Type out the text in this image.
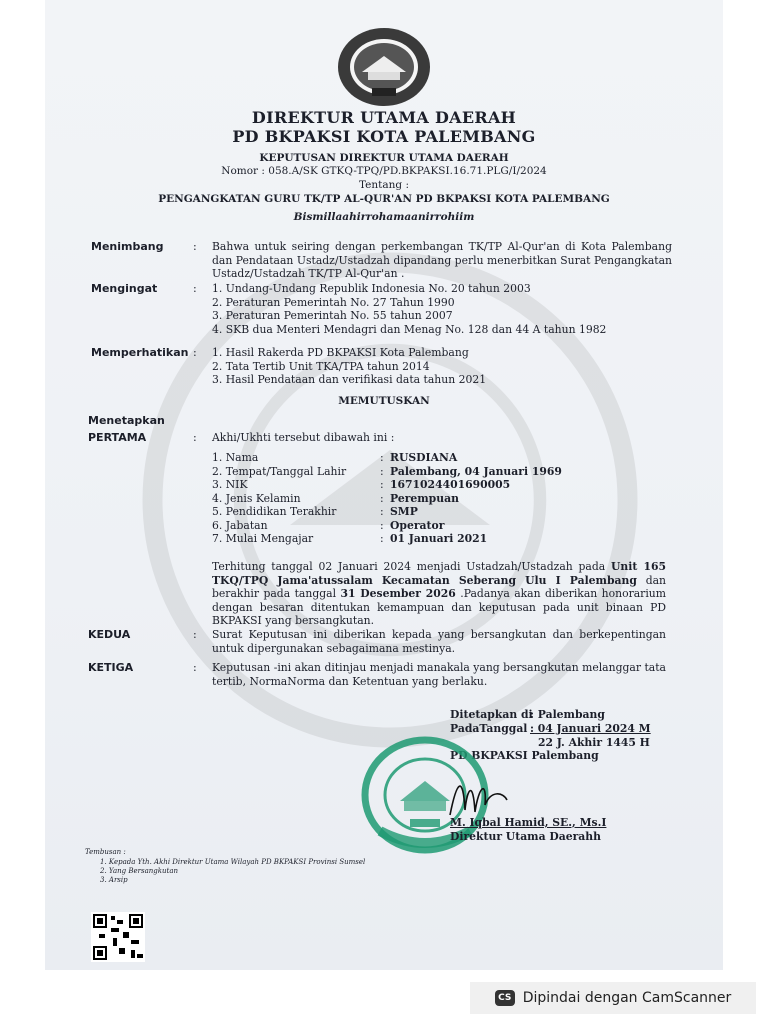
DIREKTUR UTAMA DAERAH
PD BKPAKSI KOTA PALEMBANG
KEPUTUSAN DIREKTUR UTAMA DAERAH
Nomor : 058.A/SK GTKQ-TPQ/PD.BKPAKSI.16.71.PLG/I/2024
Tentang :
PENGANGKATAN GURU TK/TP AL-QUR'AN PD BKPAKSI KOTA PALEMBANG
Bismillaahirrohamaanirrohiim
Menimbang	: Bahwa untuk seiring dengan perkembangan TK/TP Al-Qur'an di Kota Palembang dan Pendataan Ustadz/Ustadzah dipandang perlu menerbitkan Surat Pengangkatan Ustadz/Ustadzah TK/TP Al-Qur'an .
Mengingat	: 1. Undang-Undang Republik Indonesia No. 20 tahun 2003
2. Peraturan Pemerintah No. 27 Tahun 1990
3. Peraturan Pemerintah No. 55 tahun 2007
4. SKB dua Menteri Mendagri dan Menag No. 128 dan 44 A tahun 1982
Memperhatikan : 1. Hasil Rakerda PD BKPAKSI Kota Palembang
2. Tata Tertib Unit TKA/TPA tahun 2014
3. Hasil Pendataan dan verifikasi data tahun 2021
MEMUTUSKAN
Menetapkan
PERTAMA	: Akhi/Ukhti tersebut dibawah ini :
1. Nama	: RUSDIANA
2. Tempat/Tanggal Lahir	: Palembang, 04 Januari 1969
3. NIK	: 1671024401690005
4. Jenis Kelamin	: Perempuan
5. Pendidikan Terakhir	: SMP
6. Jabatan	: Operator
7. Mulai Mengajar	: 01 Januari 2021
Terhitung tanggal 02 Januari 2024 menjadi Ustadzah/Ustadzah pada Unit 165 TKQ/TPQ Jama'atussalam Kecamatan Seberang Ulu I Palembang dan berakhir pada tanggal 31 Desember 2026 .Padanya akan diberikan honorarium dengan besaran ditentukan kemampuan dan keputusan pada unit binaan PD BKPAKSI yang bersangkutan.
KEDUA	: Surat Keputusan ini diberikan kepada yang bersangkutan dan berkepentingan untuk dipergunakan sebagaimana mestinya.
KETIGA	: Keputusan -ini akan ditinjau menjadi manakala yang bersangkutan melanggar tata tertib, NormaNorma dan Ketentuan yang berlaku.
Ditetapkan di
: Palembang
PadaTanggal : 04 Januari 2024 M
22 J. Akhir 1445 H
PD BKPAKSI Palembang
M. Iqbal Hamid, SE., Ms.I
Direktur Utama Daerahh
Tembusan :
1. Kepada Yth. Akhi Direktur Utama Wilayah PD BKPAKSI Provinsi Sumsel
2. Yang Bersangkutan
3. Arsip
CS Dipindai dengan CamScanner
